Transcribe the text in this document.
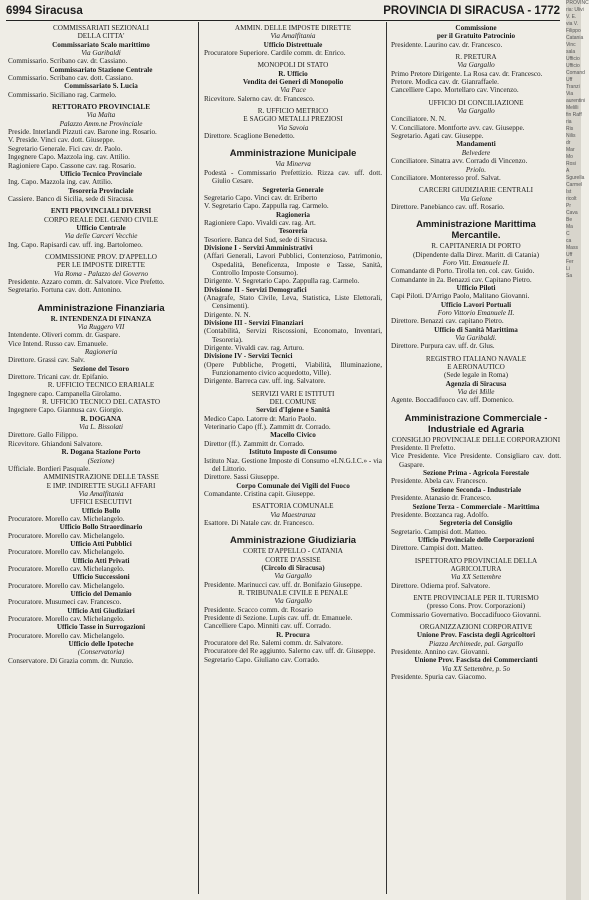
6994 Siracusa	PROVINCIA DI SIRACUSA - 1772
COMMISSARIATI SEZIONALI
DELLA CITTA'
Commissariato Scalo marittimo
Via Garibaldi
Commissario. Scribano cav. dr. Cassiano.
Commissariato Stazione Centrale
Commissario. Scribano cav. dott. Cassiano.
Commissariato S. Lucia
Commissario. Siciliano rag. Carmelo.
RETTORATO PROVINCIALE
Via Malta
Palazzo Amm.ne Provinciale
Preside. Interlandi Pizzuti cav. Barone ing. Rosario.
V. Preside. Vinci cav. dott. Giuseppe.
Segretario Generale. Fici cav. dr. Paolo.
Ingegnere Capo. Mazzola ing. cav. Attilio.
Ragioniere Capo. Cassone cav. rag. Rosario.
Ufficio Tecnico Provinciale
Ing. Capo. Mazzola ing. cav. Attilio.
Tesoreria Provinciale
Cassiere. Banco di Sicilia, sede di Siracusa.
ENTI PROVINCIALI DIVERSI
CORPO REALE DEL GENIO CIVILE
Ufficio Centrale
Via delle Carceri Vecchie
Ing. Capo. Rapisardi cav. uff. ing. Bartolomeo.
COMMISSIONE PROV. D'APPELLO
PER LE IMPOSTE DIRETTE
Via Roma - Palazzo del Governo
Presidente. Azzaro comm. dr. Salvatore. Vice Prefetto.
Segretario. Fortuna cav. dott. Antonino.
Amministrazione Finanziaria
R. INTENDENZA DI FINANZA
Via Ruggero VII
Intendente. Oliveri comm. dr. Gaspare.
Vice Intend. Russo cav. Emanuele.
Ragioneria
Direttore. Grassi cav. Salv.
Sezione del Tesoro
Direttore. Tricani cav. dr. Epifanio.
R. UFFICIO TECNICO ERARIALE
Ingegnere capo. Campanella Girolamo.
R. UFFICIO TECNICO DEL CATASTO
Ingegnere Capo. Giannusa cav. Giorgio.
R. DOGANA
Via L. Bissolati
Direttore. Gallo Filippo.
Ricevitore. Ghiandoni Salvatore.
R. Dogana Stazione Porto
(Sezione)
Ufficiale. Bordieri Pasquale.
AMMINISTRAZIONE DELLE TASSE
E IMP. INDIRETTE SUGLI AFFARI
Via Amalfitania
UFFICI ESECUTIVI
Ufficio Bollo
Procuratore. Morello cav. Michelangelo.
Ufficio Bollo Straordinario
Procuratore. Morello cav. Michelangelo.
Ufficio Atti Pubblici
Procuratore. Morello cav. Michelangelo.
Ufficio Atti Privati
Procuratore. Morello cav. Michelangelo.
Ufficio Successioni
Procuratore. Morello cav. Michelangelo.
Ufficio del Demanio
Procuratore. Musumeci cav. Francesco.
Ufficio Atti Giudiziari
Procuratore. Morello cav. Michelangelo.
Ufficio Tasse in Surrogazioni
Procuratore. Morello cav. Michelangelo.
Ufficio delle Ipoteche
(Conservatoria)
Conservatore. Di Grazia comm. dr. Nunzio.
AMMIN. DELLE IMPOSTE DIRETTE
Via Amalfitania
Ufficio Distrettuale
Procuratore Superiore. Cardile comm. dr. Enrico.
MONOPOLI DI STATO
R. Ufficio
Vendita dei Generi di Monopolio
Via Pace
Ricevitore. Salerno cav. dr. Francesco.
R. UFFICIO METRICO
E SAGGIO METALLI PREZIOSI
Via Savoia
Direttore. Scaglione Benedetto.
Amministrazione Municipale
Via Minerva
Podestà - Commissario Prefettizio. Rizza cav. uff. dott. Giulio Cesare.
Segreteria Generale
Segretario Capo. Vinci cav. dr. Eriberto
V. Segretario Capo. Zappulla rag. Carmelo.
Ragioneria
Ragioniere Capo. Vivaldi cav. rag. Art.
Tesoreria
Tesoriere. Banca del Sud, sede di Siracusa.
Divisione I - Servizi Amministrativi
(Affari Generali, Lavori Pubblici, Contenzioso, Patrimonio, Ospedalità, Beneficenza, Imposte e Tasse, Sanità, Controllo Imposte Consumo).
Dirigente. V. Segretario Capo. Zappulla rag. Carmelo.
Divisione II - Servizi Demografici
(Anagrafe, Stato Civile, Leva, Statistica, Liste Elettorali, Censimenti).
Dirigente. N. N.
Divisione III - Servizi Finanziari
(Contabilità, Servizi Riscossioni, Economato, Inventari, Tesoreria).
Dirigente. Vivaldi cav. rag. Arturo.
Divisione IV - Servizi Tecnici
(Opere Pubbliche, Progetti, Viabilità, Illuminazione, Funzionamento civico acquedotto, Ville).
Dirigente. Barreca cav. uff. ing. Salvatore.
SERVIZI VARI E ISTITUTI
DEL COMUNE
Servizi d'Igiene e Sanità
Medico Capo. Latorre dr. Mario Paolo.
Veterinario Capo (ff.). Zammitt dr. Corrado.
Macello Civico
Direttor (ff.). Zammitt dr. Corrado.
Istituto Imposte di Consumo
Istituto Naz. Gestione Imposte di Consumo «I.N.G.I.C.» - via del Littorio.
Direttore. Sassi Giuseppe.
Corpo Comunale dei Vigili del Fuoco
Comandante. Cristina capit. Giuseppe.
ESATTORIA COMUNALE
Via Maestranza
Esattore. Di Natale cav. dr. Francesco.
Amministrazione Giudiziaria
CORTE D'APPELLO - CATANIA
CORTE D'ASSISE
(Circolo di Siracusa)
Via Gargallo
Presidente. Marinucci cav. uff. dr. Bonifazio Giuseppe.
R. TRIBUNALE CIVILE E PENALE
Via Gargallo
Presidente. Scacco comm. dr. Rosario
Presidente di Sezione. Lupis cav. uff. dr. Emanuele.
Cancelliere Capo. Minniti cav. uff. Corrado.
R. Procura
Procuratore del Re. Salemi comm. dr. Salvatore.
Procuratore del Re aggiunto. Salerno cav. uff. dr. Giuseppe.
Segretario Capo. Giuliano cav. Corrado.
Commissione
per il Gratuito Patrocinio
Presidente. Laurino cav. dr. Francesco.
R. PRETURA
Via Gargallo
Primo Pretore Dirigente. La Rosa cav. dr. Francesco.
Pretore. Modica cav. dr. Gianraffaele.
Cancelliere Capo. Mortellaro cav. Vincenzo.
UFFICIO DI CONCILIAZIONE
Via Gargallo
Conciliatore. N. N.
V. Conciliatore. Montforte avv. cav. Giuseppe.
Segretario. Agati cav. Giuseppe.
Mandamenti
Belvedere
Conciliatore. Sinatra avv. Corrado di Vincenzo.
Priolo.
Conciliatore. Monteresso prof. Salvat.
CARCERI GIUDIZIARIE CENTRALI
Via Gelone
Direttore. Panebianco cav. uff. Rosario.
Amministrazione Marittima Mercantile.
R. CAPITANERIA DI PORTO
(Dipendente dalla Direz. Maritt. di Catania)
Foro Vitt. Emanuele II.
Comandante di Porto. Tirolla ten. col. cav. Guido.
Comandante in 2a. Benazzi cav. Capitano Pietro.
Ufficio Piloti
Capi Piloti. D'Arrigo Paolo, Malitano Giovanni.
Ufficio Lavori Portuali
Foro Vittorio Emanuele II.
Direttore. Benazzi cav. capitano Pietro.
Ufficio di Sanità Marittima
Via Garibaldi.
Direttore. Purpura cav. uff. dr. Glus.
REGISTRO ITALIANO NAVALE
E AERONAUTICO
(Sede legale in Roma)
Agenzia di Siracusa
Via dei Mille
Agente. Boccadifuoco cav. uff. Domenico.
Amministrazione Commerciale - Industriale ed Agraria
CONSIGLIO PROVINCIALE DELLE CORPORAZIONI
Presidente. Il Prefetto.
Vice Presidente. Vice Presidente. Consigliaro cav. dott. Gaspare.
Sezione Prima - Agricola Forestale
Presidente. Abela cav. Francesco.
Sezione Seconda - Industriale
Presidente. Atanasio dr. Francesco.
Sezione Terza - Commerciale - Marittima
Presidente. Bozzanca rag. Adolfo.
Segreteria del Consiglio
Segretario. Campisi dott. Matteo.
Ufficio Provinciale delle Corporazioni
Direttore. Campisi dott. Matteo.
ISPETTORATO PROVINCIALE DELLA AGRICOLTURA
Via XX Settembre
Direttore. Odierna prof. Salvatore.
ENTE PROVINCIALE PER IL TURISMO
(presso Cons. Prov. Corporazioni)
Commissario Governativo. Boccadifuoco Giovanni.
ORGANIZZAZIONI CORPORATIVE
Unione Prov. Fascista degli Agricoltori
Piazza Archimede, pal. Gargallo
Presidente. Annino cav. Giovanni.
Unione Prov. Fascista dei Commercianti
Via XX Settembre, p. 5o
Presidente. Spuria cav. Giacomo.
PROVINC
ria: Ulivi
V. E.
via V.
Filippo
Catania
Vinc
sala
Ufficio
Ufficio
Comand
Uff
Tranzi
Via
aurentini
Melilli
fin Raff
ria
Ris
Nilis
dr
Mar
Mo
Rosi
A
Sgurella
Carmel
Ist
ricolt
Pr
Cava
Be
Ma
C
ca
Mass
Uff
Fer
Li
Sa
